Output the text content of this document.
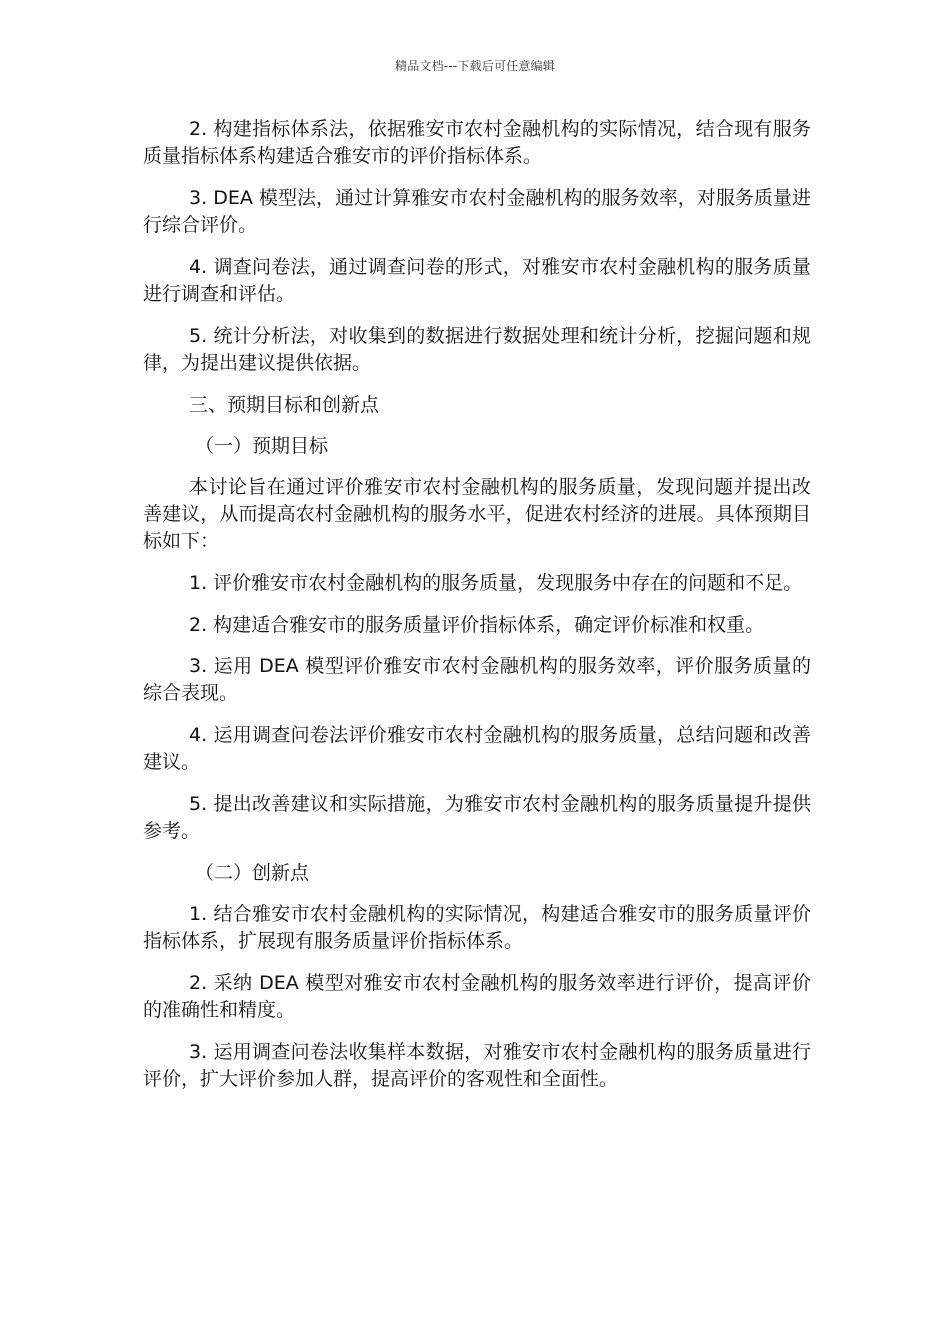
精品文档---下载后可任意编辑

2. 构建指标体系法，依据雅安市农村金融机构的实际情况，结合现有服务质量指标体系构建适合雅安市的评价指标体系。

3. DEA 模型法，通过计算雅安市农村金融机构的服务效率，对服务质量进行综合评价。

4. 调查问卷法，通过调查问卷的形式，对雅安市农村金融机构的服务质量进行调查和评估。

5. 统计分析法，对收集到的数据进行数据处理和统计分析，挖掘问题和规律，为提出建议提供依据。

三、预期目标和创新点

（一）预期目标

本讨论旨在通过评价雅安市农村金融机构的服务质量，发现问题并提出改善建议，从而提高农村金融机构的服务水平，促进农村经济的进展。具体预期目标如下：

1. 评价雅安市农村金融机构的服务质量，发现服务中存在的问题和不足。

2. 构建适合雅安市的服务质量评价指标体系，确定评价标准和权重。

3. 运用 DEA 模型评价雅安市农村金融机构的服务效率，评价服务质量的综合表现。

4. 运用调查问卷法评价雅安市农村金融机构的服务质量，总结问题和改善建议。

5. 提出改善建议和实际措施，为雅安市农村金融机构的服务质量提升提供参考。

（二）创新点

1. 结合雅安市农村金融机构的实际情况，构建适合雅安市的服务质量评价指标体系，扩展现有服务质量评价指标体系。

2. 采纳 DEA 模型对雅安市农村金融机构的服务效率进行评价，提高评价的准确性和精度。

3. 运用调查问卷法收集样本数据，对雅安市农村金融机构的服务质量进行评价，扩大评价参加人群，提高评价的客观性和全面性。
